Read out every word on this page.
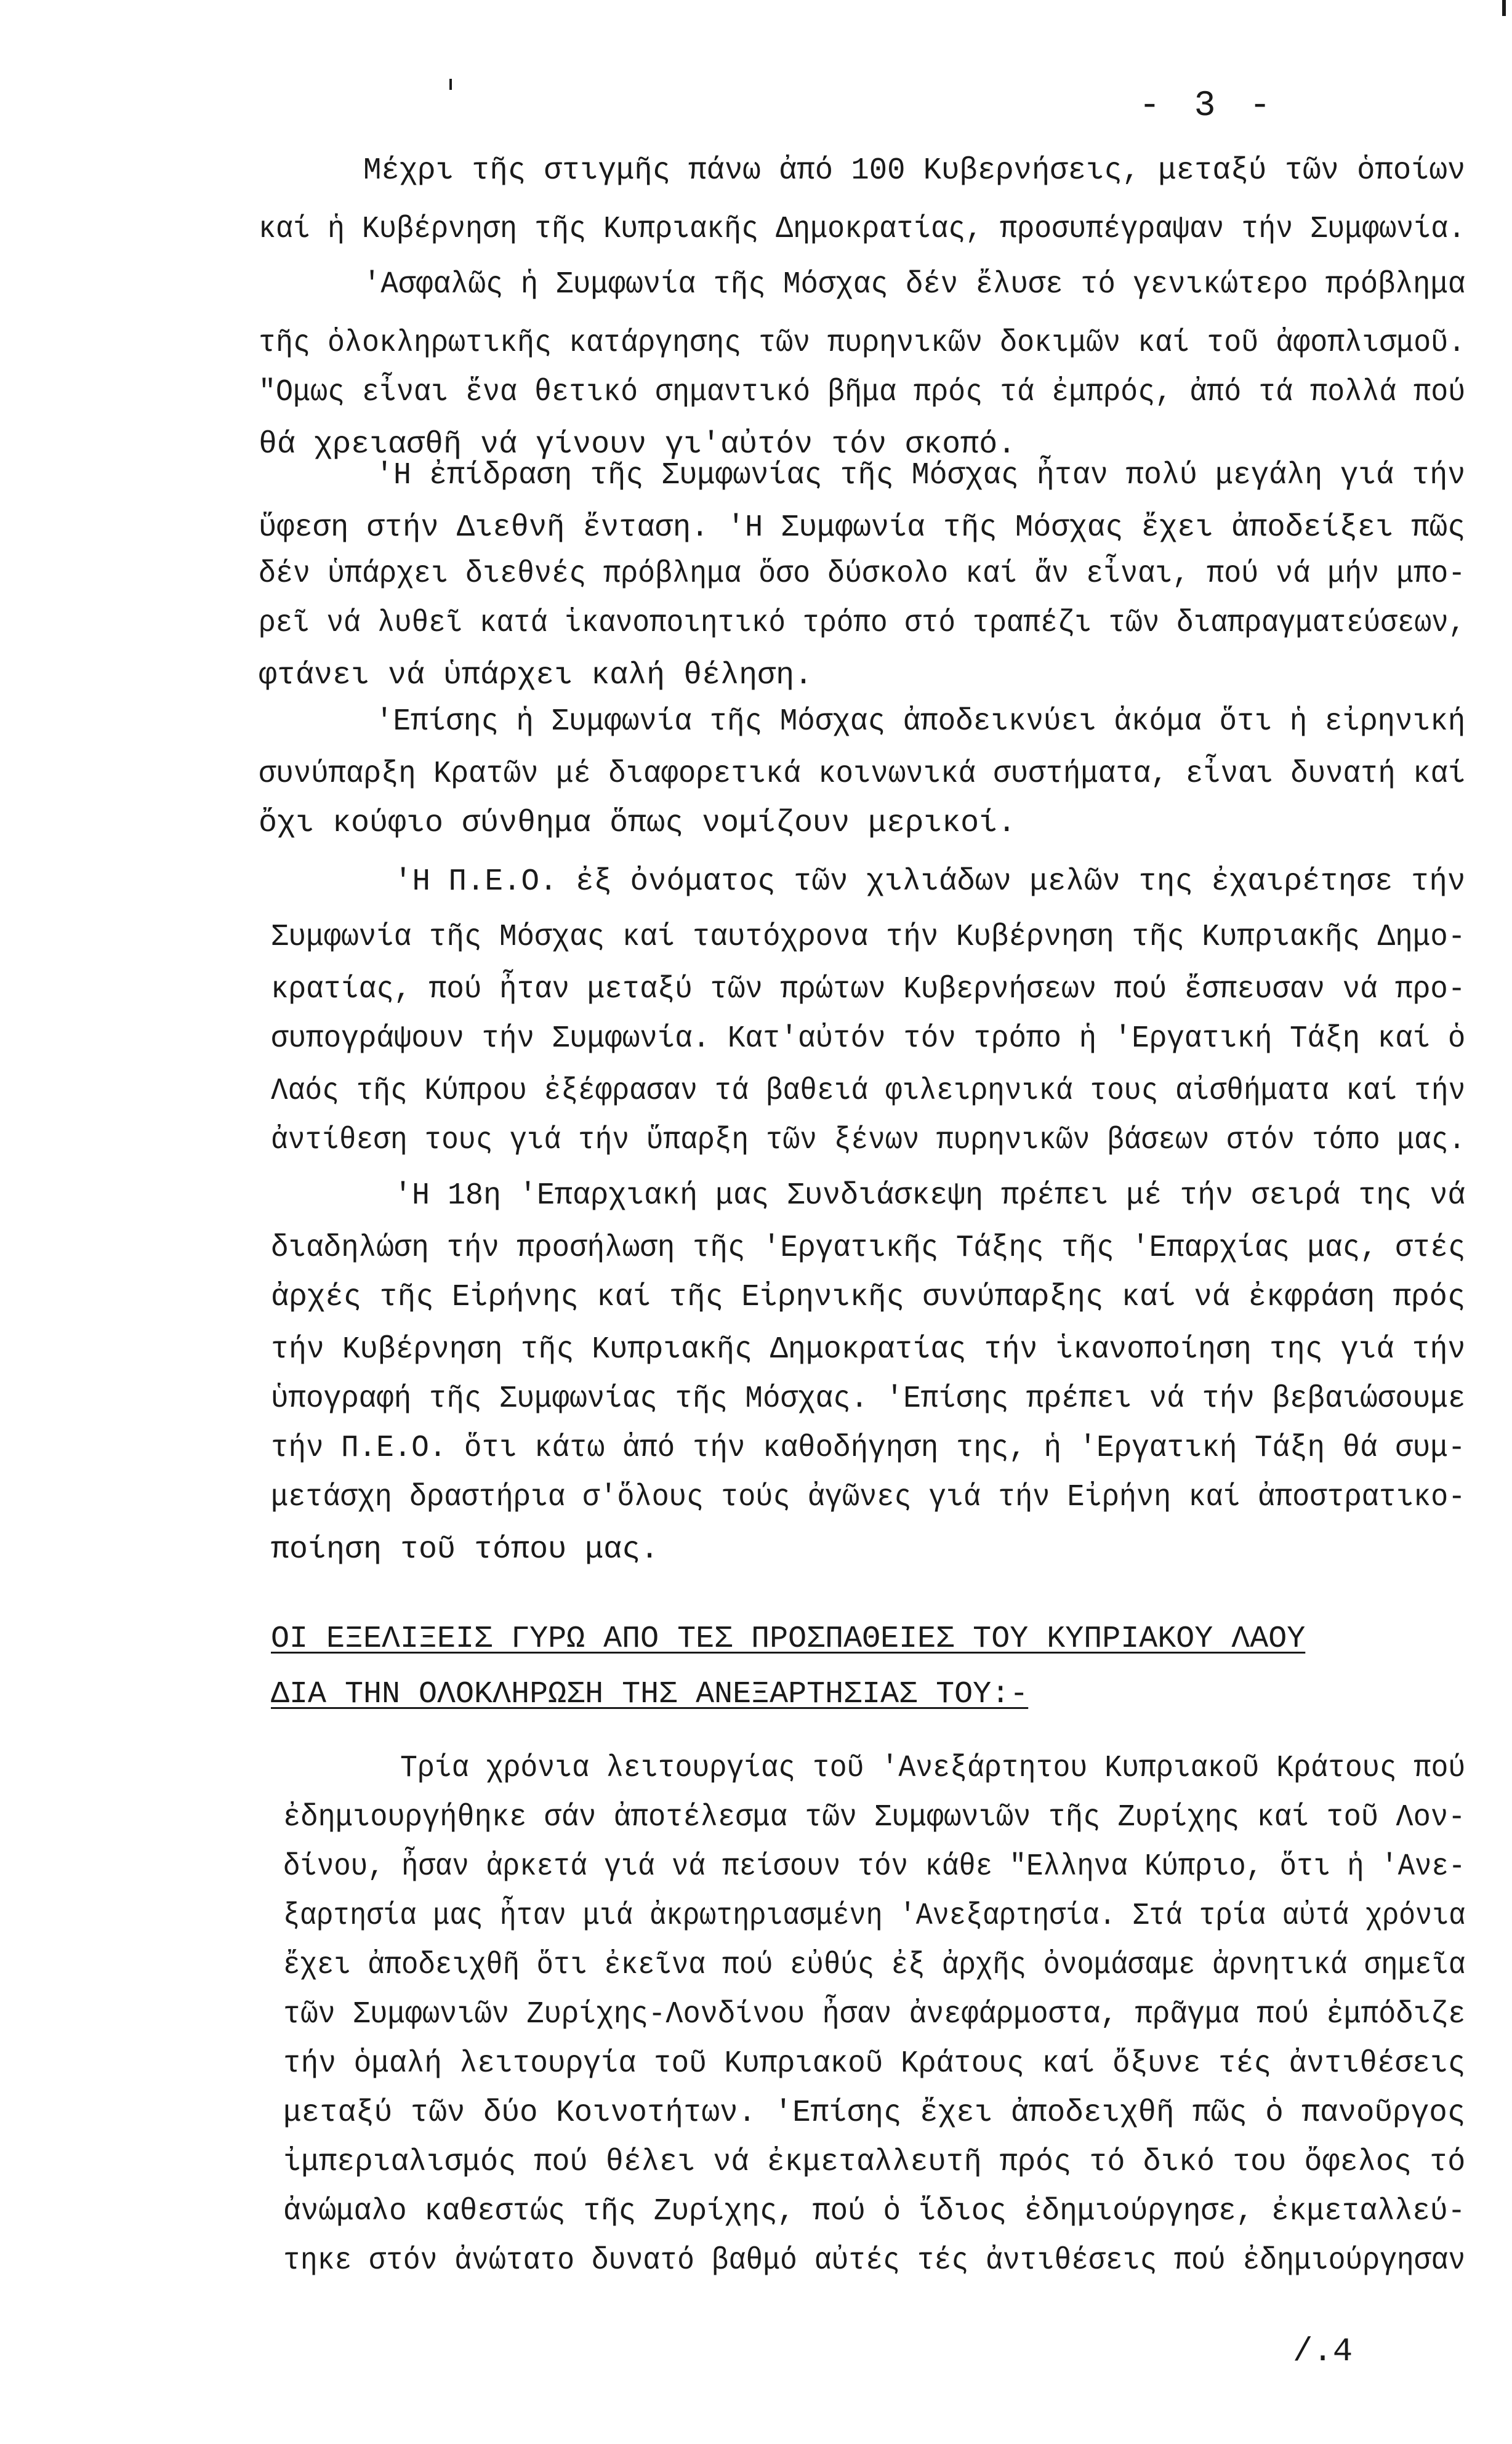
- 3 -
Μέχρι τῆς στιγμῆς πάνω ἀπό 100 Κυβερνήσεις, μεταξύ τῶν ὁποίων
καί ἡ Κυβέρνηση τῆς Κυπριακῆς Δημοκρατίας, προσυπέγραψαν τήν Συμφωνία.
'Ασφαλῶς ἡ Συμφωνία τῆς Μόσχας δέν ἔλυσε τό γενικώτερο πρόβλημα
τῆς ὁλοκληρωτικῆς κατάργησης τῶν πυρηνικῶν δοκιμῶν καί τοῦ ἀφοπλισμοῦ.
"Ομως εἶναι ἕνα θετικό σημαντικό βῆμα πρός τά ἐμπρός, ἀπό τά πολλά πού
θά χρειασθῆ νά γίνουν γι'αὐτόν τόν σκοπό.
'Η ἐπίδραση τῆς Συμφωνίας τῆς Μόσχας ἦταν πολύ μεγάλη γιά τήν
ὕφεση στήν Διεθνῆ ἔνταση. 'Η Συμφωνία τῆς Μόσχας ἔχει ἀποδείξει πῶς
δέν ὑπάρχει διεθνές πρόβλημα ὅσο δύσκολο καί ἄν εἶναι, πού νά μήν μπο-
ρεῖ νά λυθεῖ κατά ἱκανοποιητικό τρόπο στό τραπέζι τῶν διαπραγματεύσεων,
φτάνει νά ὑπάρχει καλή θέληση.
'Επίσης ἡ Συμφωνία τῆς Μόσχας ἀποδεικνύει ἀκόμα ὅτι ἡ εἰρηνική
συνύπαρξη Κρατῶν μέ διαφορετικά κοινωνικά συστήματα, εἶναι δυνατή καί
ὄχι κούφιο σύνθημα ὅπως νομίζουν μερικοί.
'Η Π.Ε.Ο. ἐξ ὀνόματος τῶν χιλιάδων μελῶν της ἐχαιρέτησε τήν
Συμφωνία τῆς Μόσχας καί ταυτόχρονα τήν Κυβέρνηση τῆς Κυπριακῆς Δημο-
κρατίας, πού ἦταν μεταξύ τῶν πρώτων Κυβερνήσεων πού ἔσπευσαν νά προ-
συπογράψουν τήν Συμφωνία. Κατ'αὐτόν τόν τρόπο ἡ 'Εργατική Τάξη καί ὁ
Λαός τῆς Κύπρου ἐξέφρασαν τά βαθειά φιλειρηνικά τους αἰσθήματα καί τήν
ἀντίθεση τους γιά τήν ὕπαρξη τῶν ξένων πυρηνικῶν βάσεων στόν τόπο μας.
'Η 18η 'Επαρχιακή μας Συνδιάσκεψη πρέπει μέ τήν σειρά της νά
διαδηλώση τήν προσήλωση τῆς 'Εργατικῆς Τάξης τῆς 'Επαρχίας μας, στές
ἀρχές τῆς Εἰρήνης καί τῆς Εἰρηνικῆς συνύπαρξης καί νά ἐκφράση πρός
τήν Κυβέρνηση τῆς Κυπριακῆς Δημοκρατίας τήν ἱκανοποίηση της γιά τήν
ὑπογραφή τῆς Συμφωνίας τῆς Μόσχας. 'Επίσης πρέπει νά τήν βεβαιώσουμε
τήν Π.Ε.Ο. ὅτι κάτω ἀπό τήν καθοδήγηση της, ἡ 'Εργατική Τάξη θά συμ-
μετάσχη δραστήρια σ'ὅλους τούς ἀγῶνες γιά τήν Εἰρήνη καί ἀποστρατικο-
ποίηση τοῦ τόπου μας.
ΟΙ ΕΞΕΛΙΞΕΙΣ ΓΥΡΩ ΑΠΟ ΤΕΣ ΠΡΟΣΠΑΘΕΙΕΣ ΤΟΥ ΚΥΠΡΙΑΚΟΥ ΛΑΟΥ
ΔΙΑ ΤΗΝ ΟΛΟΚΛΗΡΩΣΗ ΤΗΣ ΑΝΕΞΑΡΤΗΣΙΑΣ ΤΟΥ:-
Τρία χρόνια λειτουργίας τοῦ 'Ανεξάρτητου Κυπριακοῦ Κράτους πού
ἐδημιουργήθηκε σάν ἀποτέλεσμα τῶν Συμφωνιῶν τῆς Ζυρίχης καί τοῦ Λον-
δίνου, ἦσαν ἀρκετά γιά νά πείσουν τόν κάθε "Ελληνα Κύπριο, ὅτι ἡ 'Ανε-
ξαρτησία μας ἦταν μιά ἀκρωτηριασμένη 'Ανεξαρτησία. Στά τρία αὐτά χρόνια
ἔχει ἀποδειχθῆ ὅτι ἐκεῖνα πού εὐθύς ἐξ ἀρχῆς ὀνομάσαμε ἀρνητικά σημεῖα
τῶν Συμφωνιῶν Ζυρίχης-Λονδίνου ἦσαν ἀνεφάρμοστα, πρᾶγμα πού ἐμπόδιζε
τήν ὁμαλή λειτουργία τοῦ Κυπριακοῦ Κράτους καί ὄξυνε τές ἀντιθέσεις
μεταξύ τῶν δύο Κοινοτήτων. 'Επίσης ἔχει ἀποδειχθῆ πῶς ὁ πανοῦργος
ἰμπεριαλισμός πού θέλει νά ἐκμεταλλευτῆ πρός τό δικό του ὄφελος τό
ἀνώμαλο καθεστώς τῆς Ζυρίχης, πού ὁ ἴδιος ἐδημιούργησε, ἐκμεταλλεύ-
τηκε στόν ἀνώτατο δυνατό βαθμό αὐτές τές ἀντιθέσεις πού ἐδημιούργησαν
/.4
